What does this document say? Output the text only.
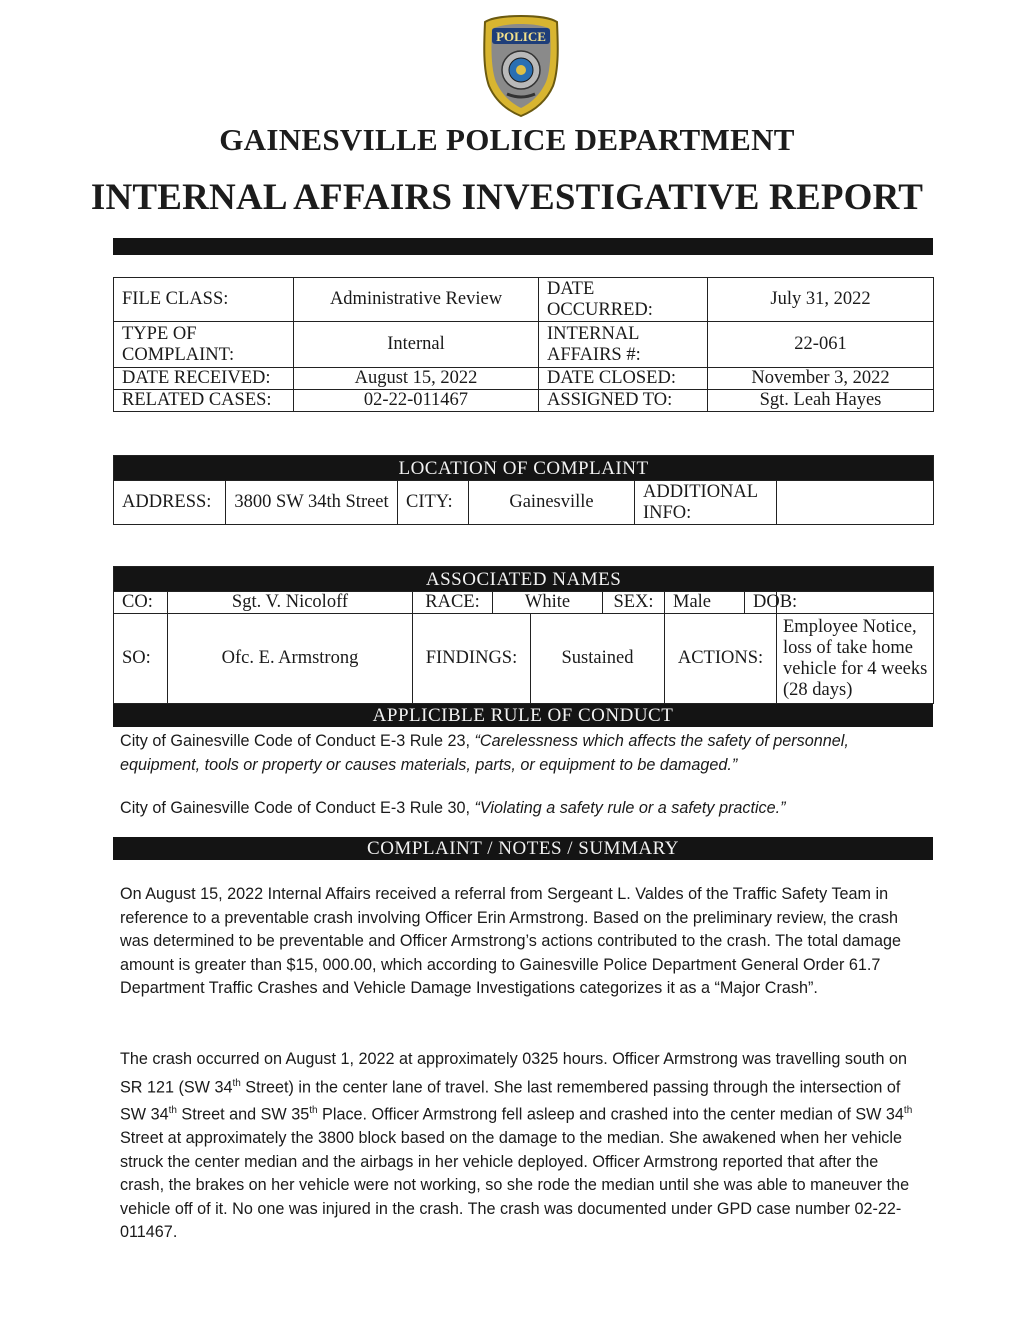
POLICE
GAINESVILLE POLICE DEPARTMENT
INTERNAL AFFAIRS INVESTIGATIVE REPORT
FILE CLASS:	Administrative Review	DATE OCCURRED:	July 31, 2022
TYPE OF COMPLAINT:	Internal	INTERNAL AFFAIRS #:	22-061
DATE RECEIVED:	August 15, 2022	DATE CLOSED:	November 3, 2022
RELATED CASES:	02-22-011467	ASSIGNED TO:	Sgt. Leah Hayes
LOCATION OF COMPLAINT
ADDRESS:	3800 SW 34th Street	CITY:	Gainesville	ADDITIONAL INFO:	
ASSOCIATED NAMES								
CO:	Sgt. V. Nicoloff	RACE:	White		SEX:	Male	DOB:	
SO:	Ofc. E. Armstrong	FINDINGS:		Sustained		ACTIONS:		Employee Notice, loss of take home vehicle for 4 weeks (28 days)
APPLICIBLE RULE OF CONDUCT
City of Gainesville Code of Conduct E-3 Rule 23, “Carelessness which affects the safety of personnel, equipment, tools or property or causes materials, parts, or equipment to be damaged.”
City of Gainesville Code of Conduct E-3 Rule 30, “Violating a safety rule or a safety practice.”
COMPLAINT / NOTES / SUMMARY
On August 15, 2022 Internal Affairs received a referral from Sergeant L. Valdes of the Traffic Safety Team in reference to a preventable crash involving Officer Erin Armstrong. Based on the preliminary review, the crash was determined to be preventable and Officer Armstrong’s actions contributed to the crash. The total damage amount is greater than $15, 000.00, which according to Gainesville Police Department General Order 61.7 Department Traffic Crashes and Vehicle Damage Investigations categorizes it as a “Major Crash”.
The crash occurred on August 1, 2022 at approximately 0325 hours. Officer Armstrong was travelling south on SR 121 (SW 34th Street) in the center lane of travel. She last remembered passing through the intersection of SW 34th Street and SW 35th Place. Officer Armstrong fell asleep and crashed into the center median of SW 34th Street at approximately the 3800 block based on the damage to the median. She awakened when her vehicle struck the center median and the airbags in her vehicle deployed. Officer Armstrong reported that after the crash, the brakes on her vehicle were not working, so she rode the median until she was able to maneuver the vehicle off of it. No one was injured in the crash. The crash was documented under GPD case number 02-22-011467.
